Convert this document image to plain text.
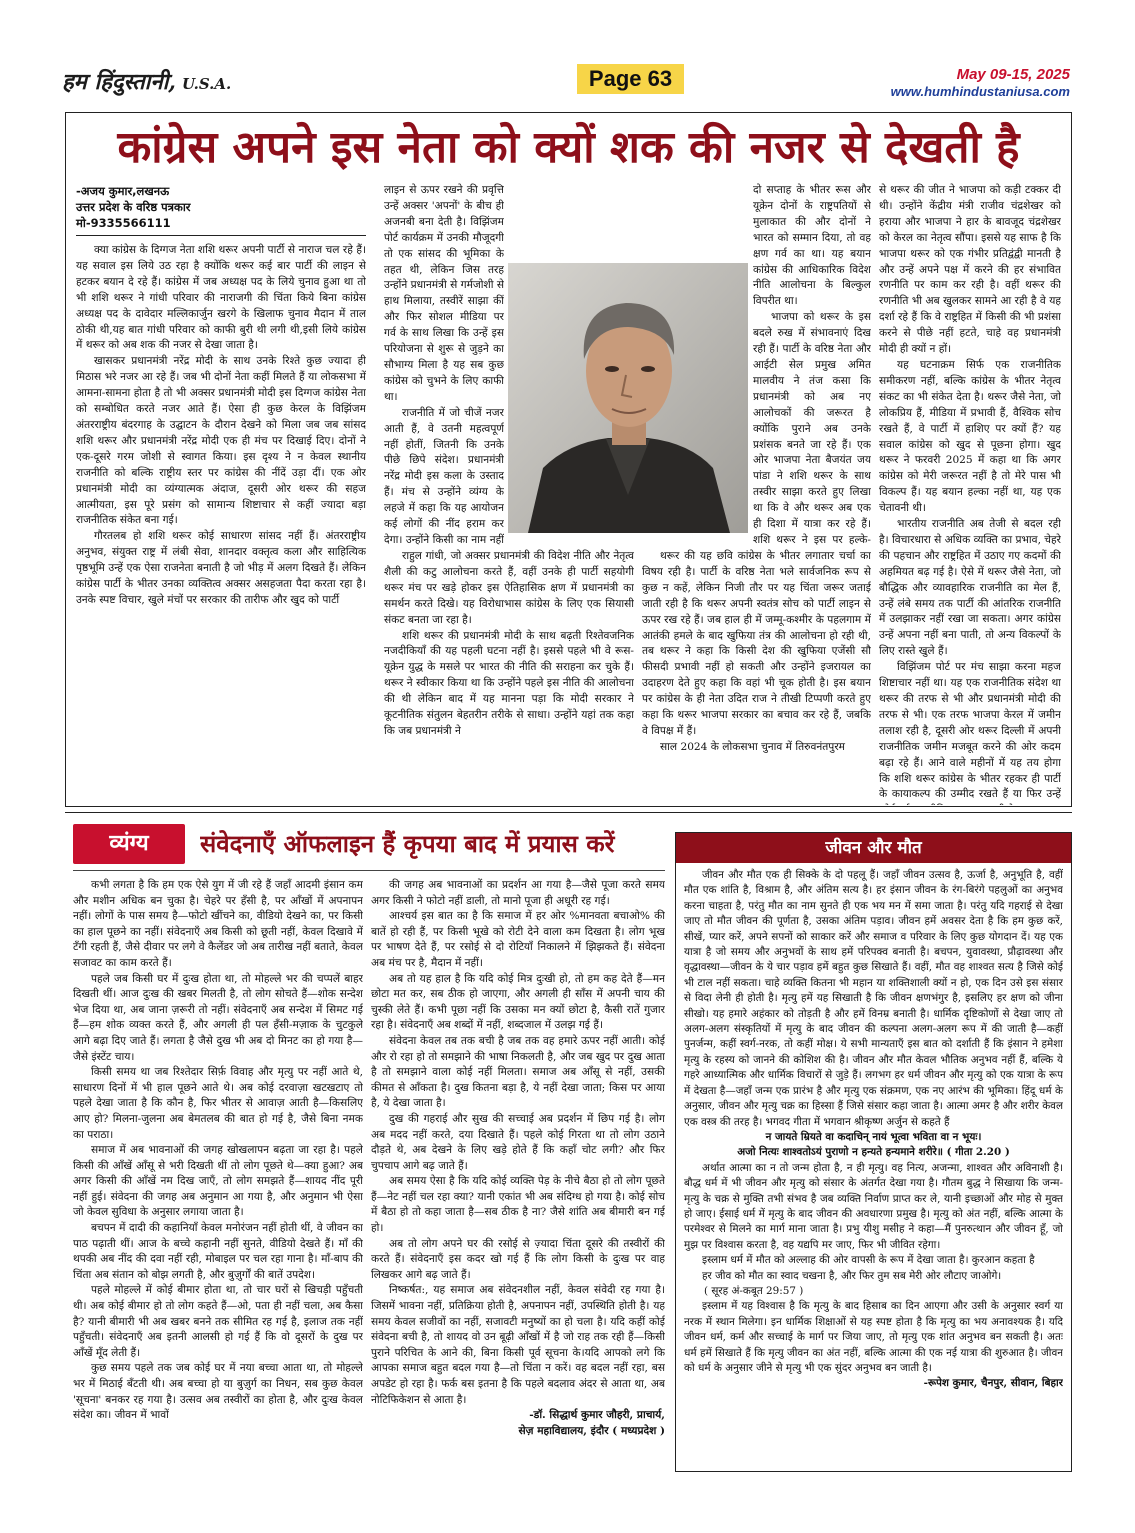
हम हिंदुस्तानी, U.S.A.	Page 63	May 09-15, 2025
www.humhindustaniusa.com
कांग्रेस अपने इस नेता को क्यों शक की नजर से देखती है
-अजय कुमार,लखनऊ
उत्तर प्रदेश के वरिष्ठ पत्रकार
मो-9335566111

क्या कांग्रेस के दिग्गज नेता शशि थरूर अपनी पार्टी से नाराज चल रहे हैं। यह सवाल इस लिये उठ रहा है क्योंकि थरूर कई बार पार्टी की लाइन से हटकर बयान दे रहे हैं। कांग्रेस में जब अध्यक्ष पद के लिये चुनाव हुआ था तो भी शशि थरूर ने गांधी परिवार की नाराजगी की चिंता किये बिना कांग्रेस अध्यक्ष पद के दावेदार मल्लिकार्जुन खरगे के खिलाफ चुनाव मैदान में ताल ठोकी थी,यह बात गांधी परिवार को काफी बुरी थी लगी थी,इसी लिये कांग्रेस में थरूर को अब शक की नजर से देखा जाता है।

खासकर प्रधानमंत्री नरेंद्र मोदी के साथ उनके रिश्ते कुछ ज्यादा ही मिठास भरे नजर आ रहे हैं। जब भी दोनों नेता कहीं मिलते हैं या लोकसभा में आमना-सामना होता है तो भी अक्सर प्रधानमंत्री मोदी इस दिग्गज कांग्रेस नेता को सम्बोधित करते नजर आते हैं। ऐसा ही कुछ केरल के विझिंजम अंतरराष्ट्रीय बंदरगाह के उद्घाटन के दौरान देखने को मिला जब जब सांसद शशि थरूर और प्रधानमंत्री नरेंद्र मोदी एक ही मंच पर दिखाई दिए। दोनों ने एक-दूसरे गरम जोशी से स्वागत किया। इस दृश्य ने न केवल स्थानीय राजनीति को बल्कि राष्ट्रीय स्तर पर कांग्रेस की नींदें उड़ा दीं। एक ओर प्रधानमंत्री मोदी का व्यंग्यात्मक अंदाज, दूसरी ओर थरूर की सहज आत्मीयता, इस पूरे प्रसंग को सामान्य शिष्टाचार से कहीं ज्यादा बड़ा राजनीतिक संकेत बना गई।

गौरतलब हो शशि थरूर कोई साधारण सांसद नहीं हैं। अंतरराष्ट्रीय अनुभव, संयुक्त राष्ट्र में लंबी सेवा, शानदार वक्तृत्व कला और साहित्यिक पृष्ठभूमि उन्हें एक ऐसा राजनेता बनाती है जो भीड़ में अलग दिखते हैं। लेकिन कांग्रेस पार्टी के भीतर उनका व्यक्तित्व अक्सर असहजता पैदा करता रहा है। उनके स्पष्ट विचार, खुले मंचों पर सरकार की तारीफ और खुद को पार्टी

लाइन से ऊपर रखने की प्रवृत्ति उन्हें अक्सर 'अपनों' के बीच ही अजनबी बना देती है। विझिंजम पोर्ट कार्यक्रम में उनकी मौजूदगी तो एक सांसद की भूमिका के तहत थी, लेकिन जिस तरह उन्होंने प्रधानमंत्री से गर्मजोशी से हाथ मिलाया, तस्वीरें साझा कीं और फिर सोशल मीडिया पर गर्व के साथ लिखा कि उन्हें इस परियोजना से शुरू से जुड़ने का सौभाग्य मिला है यह सब कुछ कांग्रेस को चुभने के लिए काफी था।

राजनीति में जो चीजें नजर आती हैं, वे उतनी महत्वपूर्ण नहीं होतीं, जितनी कि उनके पीछे छिपे संदेश। प्रधानमंत्री नरेंद्र मोदी इस कला के उस्ताद हैं। मंच से उन्होंने व्यंग्य के लहजे में कहा कि यह आयोजन कई लोगों की नींद हराम कर देगा। उन्होंने किसी का नाम नहीं

दो सप्ताह के भीतर रूस और यूक्रेन दोनों के राष्ट्रपतियों से मुलाकात की और दोनों ने भारत को सम्मान दिया, तो वह क्षण गर्व का था। यह बयान कांग्रेस की आधिकारिक विदेश नीति आलोचना के बिल्कुल विपरीत था।

भाजपा को थरूर के इस बदले रुख में संभावनाएं दिख रही हैं। पार्टी के वरिष्ठ नेता और आईटी सेल प्रमुख अमित मालवीय ने तंज कसा कि प्रधानमंत्री को अब नए आलोचकों की जरूरत है क्योंकि पुराने अब उनके प्रशंसक बनते जा रहे हैं। एक ओर भाजपा नेता बैजयंत जय पांडा ने शशि थरूर के साथ तस्वीर साझा करते हुए लिखा था कि वे और थरूर अब एक ही दिशा में यात्रा कर रहे हैं। शशि थरूर ने इस पर हल्के-

राहुल गांधी, जो अक्सर प्रधानमंत्री की विदेश नीति और नेतृत्व शैली की कटु आलोचना करते हैं, वहीं उनके ही पार्टी सहयोगी थरूर मंच पर खड़े होकर इस ऐतिहासिक क्षण में प्रधानमंत्री का समर्थन करते दिखे। यह विरोधाभास कांग्रेस के लिए एक सियासी संकट बनता जा रहा है।

शशि थरूर की प्रधानमंत्री मोदी के साथ बढ़ती रिश्तेवजनिक नजदीकियाँ की यह पहली घटना नहीं है। इससे पहले भी वे रूस-यूक्रेन युद्ध के मसले पर भारत की नीति की सराहना कर चुके हैं। थरूर ने स्वीकार किया था कि उन्होंने पहले इस नीति की आलोचना की थी लेकिन बाद में यह मानना पड़ा कि मोदी सरकार ने कूटनीतिक संतुलन बेहतरीन तरीके से साधा। उन्होंने यहां तक कहा कि जब प्रधानमंत्री ने

थरूर की यह छवि कांग्रेस के भीतर लगातार चर्चा का विषय रही है। पार्टी के वरिष्ठ नेता भले सार्वजनिक रूप से कुछ न कहें, लेकिन निजी तौर पर यह चिंता जरूर जताई जाती रही है कि थरूर अपनी स्वतंत्र सोच को पार्टी लाइन से ऊपर रख रहे हैं। जब हाल ही में जम्मू-कश्मीर के पहलगाम में आतंकी हमले के बाद खुफिया तंत्र की आलोचना हो रही थी, तब थरूर ने कहा कि किसी देश की खुफिया एजेंसी सौ फीसदी प्रभावी नहीं हो सकती और उन्होंने इजरायल का उदाहरण देते हुए कहा कि वहां भी चूक होती है। इस बयान पर कांग्रेस के ही नेता उदित राज ने तीखी टिप्पणी करते हुए कहा कि थरूर भाजपा सरकार का बचाव कर रहे हैं, जबकि वे विपक्ष में हैं।

साल 2024 के लोकसभा चुनाव में तिरुवनंतपुरम

से थरूर की जीत ने भाजपा को कड़ी टक्कर दी थी। उन्होंने केंद्रीय मंत्री राजीव चंद्रशेखर को हराया और भाजपा ने हार के बावजूद चंद्रशेखर को केरल का नेतृत्व सौंपा। इससे यह साफ है कि भाजपा थरूर को एक गंभीर प्रतिद्वंद्वी मानती है और उन्हें अपने पक्ष में करने की हर संभावित रणनीति पर काम कर रही है। वहीं थरूर की रणनीति भी अब खुलकर सामने आ रही है वे यह दर्शा रहे हैं कि वे राष्ट्रहित में किसी की भी प्रशंसा करने से पीछे नहीं हटते, चाहे वह प्रधानमंत्री मोदी ही क्यों न हों।

यह घटनाक्रम सिर्फ एक राजनीतिक समीकरण नहीं, बल्कि कांग्रेस के भीतर नेतृत्व संकट का भी संकेत देता है। थरूर जैसे नेता, जो लोकप्रिय हैं, मीडिया में प्रभावी हैं, वैश्विक सोच रखते हैं, वे पार्टी में हाशिए पर क्यों हैं? यह सवाल कांग्रेस को खुद से पूछना होगा। खुद थरूर ने फरवरी 2025 में कहा था कि अगर कांग्रेस को मेरी जरूरत नहीं है तो मेरे पास भी विकल्प हैं। यह बयान हल्का नहीं था, यह एक चेतावनी थी।

भारतीय राजनीति अब तेजी से बदल रही है। विचारधारा से अधिक व्यक्ति का प्रभाव, चेहरे की पहचान और राष्ट्रहित में उठाए गए कदमों की अहमियत बढ़ गई है। ऐसे में थरूर जैसे नेता, जो बौद्धिक और व्यावहारिक राजनीति का मेल हैं, उन्हें लंबे समय तक पार्टी की आंतरिक राजनीति में उलझाकर नहीं रखा जा सकता। अगर कांग्रेस उन्हें अपना नहीं बना पाती, तो अन्य विकल्पों के लिए रास्ते खुले हैं।

विझिंजम पोर्ट पर मंच साझा करना महज शिष्टाचार नहीं था। यह एक राजनीतिक संदेश था थरूर की तरफ से भी और प्रधानमंत्री मोदी की तरफ से भी। एक तरफ भाजपा केरल में जमीन तलाश रही है, दूसरी ओर थरूर दिल्ली में अपनी राजनीतिक जमीन मजबूत करने की ओर कदम बढ़ा रहे हैं। आने वाले महीनों में यह तय होगा कि शशि थरूर कांग्रेस के भीतर रहकर ही पार्टी के कायाकल्प की उम्मीद रखते हैं या फिर उन्हें

व्यंग्य	संवेदनाएँ ऑफलाइन हैं कृपया बाद में प्रयास करें

कभी लगता है कि हम एक ऐसे युग में जी रहे हैं जहाँ आदमी इंसान कम और मशीन अधिक बन चुका है। चेहरे पर हँसी है, पर आँखों में अपनापन नहीं। लोगों के पास समय है—फोटो खींचने का, वीडियो देखने का, पर किसी का हाल पूछने का नहीं। संवेदनाएँ अब किसी को छूती नहीं, केवल दिखावे में टँगी रहती हैं, जैसे दीवार पर लगे वे कैलेंडर जो अब तारीख नहीं बताते, केवल सजावट का काम करते हैं।

पहले जब किसी घर में दुःख होता था, तो मोहल्ले भर की चप्पलें बाहर दिखती थीं। आज दुःख की खबर मिलती है, तो लोग सोचते हैं—शोक सन्देश भेज दिया था, अब जाना ज़रूरी तो नहीं। संवेदनाएँ अब सन्देश में सिमट गई हैं—हम शोक व्यक्त करते हैं, और अगली ही पल हँसी-मज़ाक के चुटकुले आगे बढ़ा दिए जाते हैं। लगता है जैसे दुख भी अब दो मिनट का हो गया है—जैसे इंस्टेंट चाय।

किसी समय था जब रिश्तेदार सिर्फ़ विवाह और मृत्यु पर नहीं आते थे, साधारण दिनों में भी हाल पूछने आते थे। अब कोई दरवाज़ा खटखटाए तो पहले देखा जाता है कि कौन है, फिर भीतर से आवाज़ आती है—किसलिए आए हो? मिलना-जुलना अब बेमतलब की बात हो गई है, जैसे बिना नमक का पराठा।

समाज में अब भावनाओं की जगह खोखलापन बढ़ता जा रहा है। पहले किसी की आँखें आँसू से भरी दिखती थीं तो लोग पूछते थे—क्या हुआ? अब अगर किसी की आँखें नम दिख जाएँ, तो लोग समझते हैं—शायद नींद पूरी नहीं हुई। संवेदना की जगह अब अनुमान आ गया है, और अनुमान भी ऐसा जो केवल सुविधा के अनुसार लगाया जाता है।

बचपन में दादी की कहानियाँ केवल मनोरंजन नहीं होती थीं, वे जीवन का पाठ पढ़ाती थीं। आज के बच्चे कहानी नहीं सुनते, वीडियो देखते हैं। माँ की थपकी अब नींद की दवा नहीं रही, मोबाइल पर चल रहा गाना है। माँ-बाप की चिंता अब संतान को बोझ लगती है, और बुज़ुर्गों की बातें उपदेश।

पहले मोहल्ले में कोई बीमार होता था, तो चार घरों से खिचड़ी पहुँचती थी। अब कोई बीमार हो तो लोग कहते हैं—ओ, पता ही नहीं चला, अब कैसा है? यानी बीमारी भी अब खबर बनने तक सीमित रह गई है, इलाज तक नहीं पहुँचती। संवेदनाएँ अब इतनी आलसी हो गई हैं कि वो दूसरों के दुख पर आँखें मूँद लेती हैं।

कुछ समय पहले तक जब कोई घर में नया बच्चा आता था, तो मोहल्ले भर में मिठाई बँटती थी। अब बच्चा हो या बुज़ुर्ग का निधन, सब कुछ केवल 'सूचना' बनकर रह गया है। उत्सव अब तस्वीरों का होता है, और दुःख केवल संदेश का। जीवन में भावों

की जगह अब भावनाओं का प्रदर्शन आ गया है—जैसे पूजा करते समय अगर किसी ने फोटो नहीं डाली, तो मानो पूजा ही अधूरी रह गई।

आश्चर्य इस बात का है कि समाज में हर ओर %मानवता बचाओ% की बातें हो रही हैं, पर किसी भूखे को रोटी देने वाला कम दिखता है। लोग भूख पर भाषण देते हैं, पर रसोई से दो रोटियाँ निकालने में झिझकते हैं। संवेदना अब मंच पर है, मैदान में नहीं।

अब तो यह हाल है कि यदि कोई मित्र दुःखी हो, तो हम कह देते हैं—मन छोटा मत कर, सब ठीक हो जाएगा, और अगली ही साँस में अपनी चाय की चुस्की लेते हैं। कभी पूछा नहीं कि उसका मन क्यों छोटा है, कैसी रातें गुजार रहा है। संवेदनाएँ अब शब्दों में नहीं, शब्दजाल में उलझ गई हैं।

संवेदना केवल तब तक बची है जब तक वह हमारे ऊपर नहीं आती। कोई और रो रहा हो तो समझाने की भाषा निकलती है, और जब खुद पर दुख आता है तो समझाने वाला कोई नहीं मिलता। समाज अब आँसू से नहीं, उसकी कीमत से आँकता है। दुख कितना बड़ा है, ये नहीं देखा जाता; किस पर आया है, ये देखा जाता है।

दुख की गहराई और सुख की सच्चाई अब प्रदर्शन में छिप गई है। लोग अब मदद नहीं करते, दया दिखाते हैं। पहले कोई गिरता था तो लोग उठाने दौड़ते थे, अब देखने के लिए खड़े होते हैं कि कहाँ चोट लगी? और फिर चुपचाप आगे बढ़ जाते हैं।

अब समय ऐसा है कि यदि कोई व्यक्ति पेड़ के नीचे बैठा हो तो लोग पूछते हैं—नेट नहीं चल रहा क्या? यानी एकांत भी अब संदिग्ध हो गया है। कोई सोच में बैठा हो तो कहा जाता है—सब ठीक है ना? जैसे शांति अब बीमारी बन गई हो।

अब तो लोग अपने घर की रसोई से ज़्यादा चिंता दूसरे की तस्वीरों की करते हैं। संवेदनाएँ इस कदर खो गई हैं कि लोग किसी के दुःख पर वाह लिखकर आगे बढ़ जाते हैं।

निष्कर्षत:, यह समाज अब संवेदनशील नहीं, केवल संवेदी रह गया है। जिसमें भावना नहीं, प्रतिक्रिया होती है, अपनापन नहीं, उपस्थिति होती है। यह समय केवल सजीवों का नहीं, सजावटी मनुष्यों का हो चला है। यदि कहीं कोई संवेदना बची है, तो शायद वो उन बूढ़ी आँखों में है जो राह तक रही हैं—किसी पुराने परिचित के आने की, बिना किसी पूर्व सूचना के।यदि आपको लगे कि आपका समाज बहुत बदल गया है—तो चिंता न करें। वह बदल नहीं रहा, बस अपडेट हो रहा है। फर्क बस इतना है कि पहले बदलाव अंदर से आता था, अब नोटिफिकेशन से आता है।

-डॉ. सिद्धार्थ कुमार जौहरी, प्राचार्य,

सेज़ महाविद्यालय, इंदौर ( मध्यप्रदेश )

जीवन और मौत

जीवन और मौत एक ही सिक्के के दो पहलू हैं। जहाँ जीवन उत्सव है, ऊर्जा है, अनुभूति है, वहीं मौत एक शांति है, विश्राम है, और अंतिम सत्य है। हर इंसान जीवन के रंग-बिरंगे पहलुओं का अनुभव करना चाहता है, परंतु मौत का नाम सुनते ही एक भय मन में समा जाता है। परंतु यदि गहराई से देखा जाए तो मौत जीवन की पूर्णता है, उसका अंतिम पड़ाव। जीवन हमें अवसर देता है कि हम कुछ करें, सीखें, प्यार करें, अपने सपनों को साकार करें और समाज व परिवार के लिए कुछ योगदान दें। यह एक यात्रा है जो समय और अनुभवों के साथ हमें परिपक्व बनाती है। बचपन, युवावस्था, प्रौढ़ावस्था और वृद्धावस्था—जीवन के ये चार पड़ाव हमें बहुत कुछ सिखाते हैं। वहीं, मौत वह शाश्वत सत्य है जिसे कोई भी टाल नहीं सकता। चाहे व्यक्ति कितना भी महान या शक्तिशाली क्यों न हो, एक दिन उसे इस संसार से विदा लेनी ही होती है। मृत्यु हमें यह सिखाती है कि जीवन क्षणभंगुर है, इसलिए हर क्षण को जीना सीखो। यह हमारे अहंकार को तोड़ती है और हमें विनम्र बनाती है। धार्मिक दृष्टिकोणों से देखा जाए तो अलग-अलग संस्कृतियों में मृत्यु के बाद जीवन की कल्पना अलग-अलग रूप में की जाती है—कहीं पुनर्जन्म, कहीं स्वर्ग-नरक, तो कहीं मोक्ष। ये सभी मान्यताएँ इस बात को दर्शाती हैं कि इंसान ने हमेशा मृत्यु के रहस्य को जानने की कोशिश की है। जीवन और मौत केवल भौतिक अनुभव नहीं हैं, बल्कि ये गहरे आध्यात्मिक और धार्मिक विचारों से जुड़े हैं। लगभग हर धर्म जीवन और मृत्यु को एक यात्रा के रूप में देखता है—जहाँ जन्म एक प्रारंभ है और मृत्यु एक संक्रमण, एक नए आरंभ की भूमिका। हिंदू धर्म के अनुसार, जीवन और मृत्यु चक्र का हिस्सा हैं जिसे संसार कहा जाता है। आत्मा अमर है और शरीर केवल एक वस्त्र की तरह है। भगवद गीता में भगवान श्रीकृष्ण अर्जुन से कहते हैं

न जायते म्रियते वा कदाचिन् नायं भूत्वा भविता वा न भूयः।

अजो नित्यः शाश्वतोऽयं पुराणो न हन्यते हन्यमाने शरीरे॥ ( गीता 2.20 )

अर्थात आत्मा का न तो जन्म होता है, न ही मृत्यु। वह नित्य, अजन्मा, शाश्वत और अविनाशी है। बौद्ध धर्म में भी जीवन और मृत्यु को संसार के अंतर्गत देखा गया है। गौतम बुद्ध ने सिखाया कि जन्म-मृत्यु के चक्र से मुक्ति तभी संभव है जब व्यक्ति निर्वाण प्राप्त कर ले, यानी इच्छाओं और मोह से मुक्त हो जाए। ईसाई धर्म में मृत्यु के बाद जीवन की अवधारणा प्रमुख है। मृत्यु को अंत नहीं, बल्कि आत्मा के परमेश्वर से मिलने का मार्ग माना जाता है। प्रभु यीशु मसीह ने कहा—मैं पुनरुत्थान और जीवन हूँ, जो मुझ पर विश्वास करता है, वह यद्यपि मर जाए, फिर भी जीवित रहेगा।

इस्लाम धर्म में मौत को अल्लाह की ओर वापसी के रूप में देखा जाता है। कुरआन कहता है

हर जीव को मौत का स्वाद चखना है, और फिर तुम सब मेरी ओर लौटाए जाओगे।

( सूरह अं-कबूत 29:57 )

इस्लाम में यह विश्वास है कि मृत्यु के बाद हिसाब का दिन आएगा और उसी के अनुसार स्वर्ग या नरक में स्थान मिलेगा। इन धार्मिक शिक्षाओं से यह स्पष्ट होता है कि मृत्यु का भय अनावश्यक है। यदि जीवन धर्म, कर्म और सच्चाई के मार्ग पर जिया जाए, तो मृत्यु एक शांत अनुभव बन सकती है। अतः धर्म हमें सिखाते हैं कि मृत्यु जीवन का अंत नहीं, बल्कि आत्मा की एक नई यात्रा की शुरुआत है। जीवन को धर्म के अनुसार जीने से मृत्यु भी एक सुंदर अनुभव बन जाती है।

-रूपेश कुमार, चैनपुर, सीवान, बिहार
